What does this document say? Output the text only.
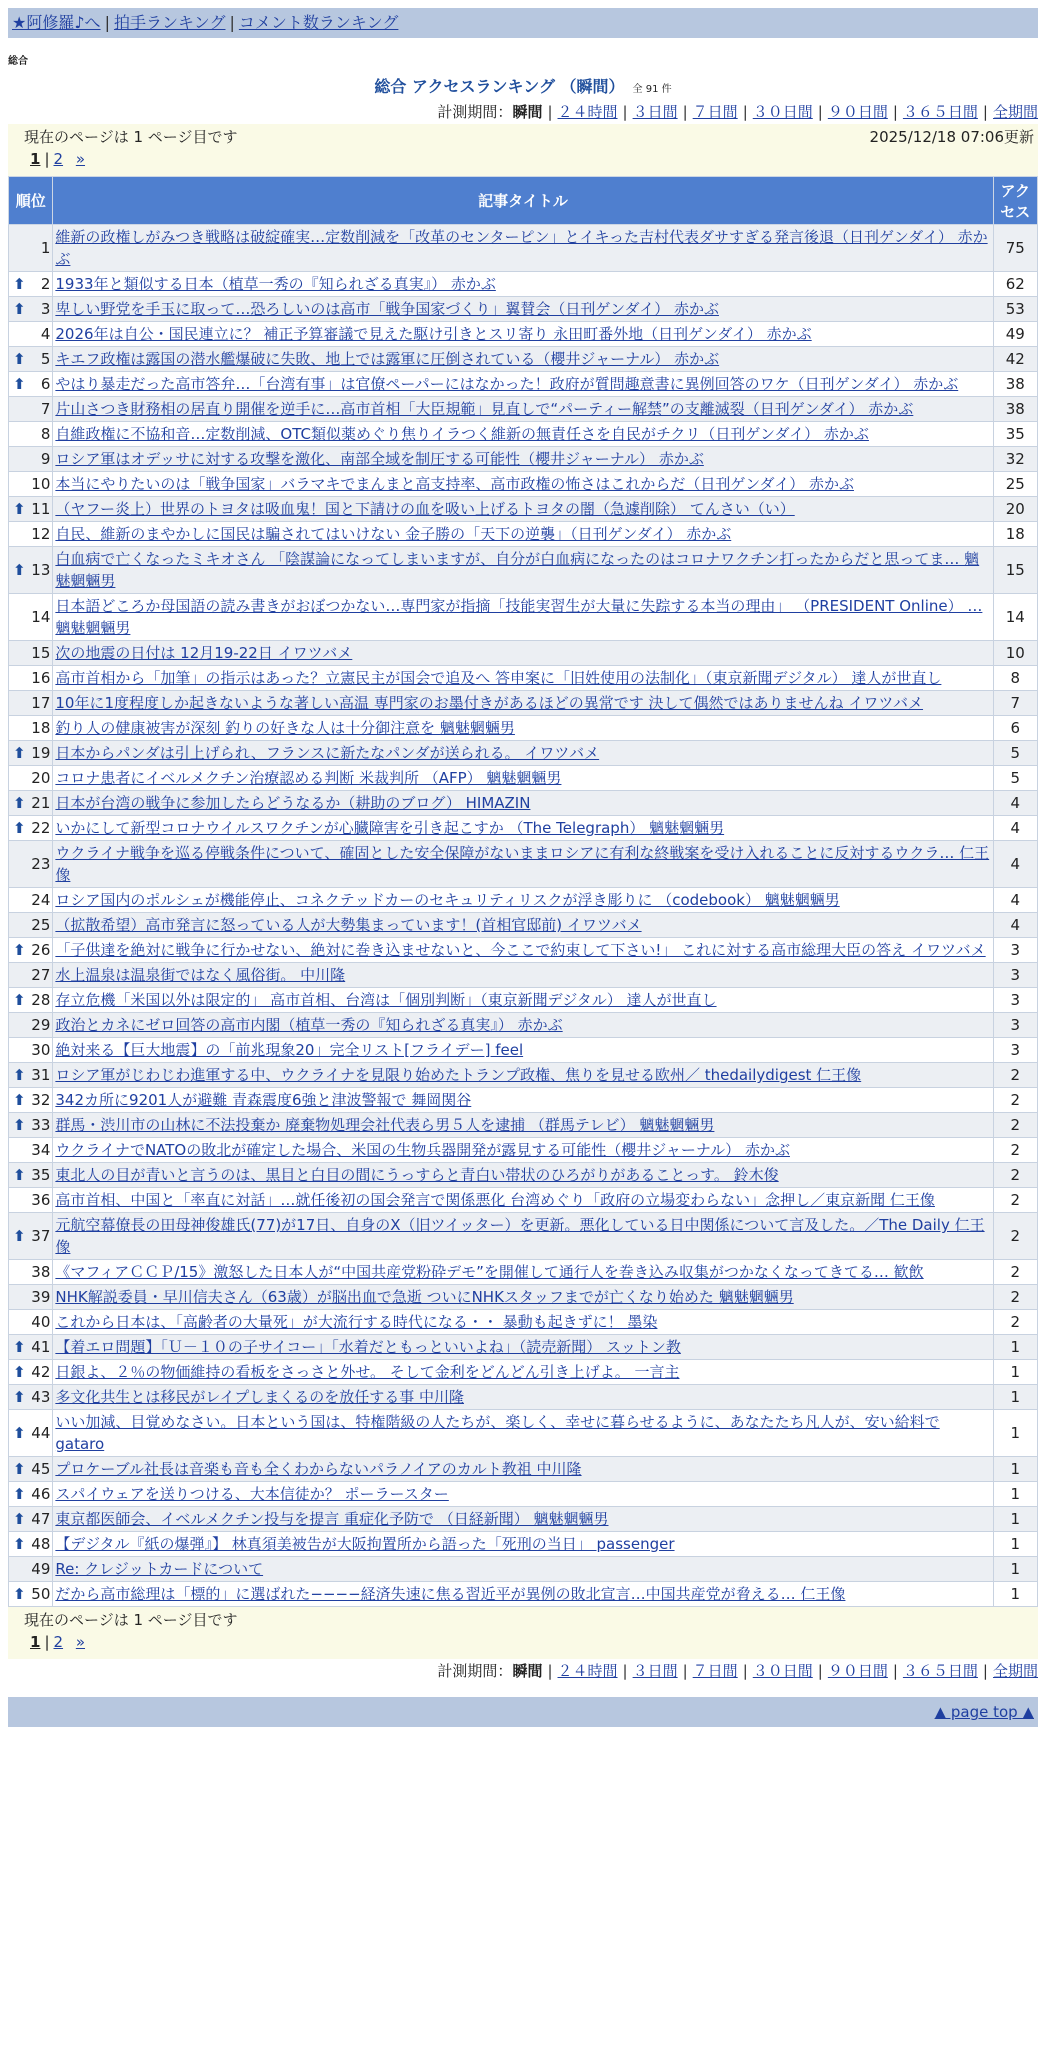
★阿修羅♪へ | 拍手ランキング | コメント数ランキング
総合
総合 アクセスランキング （瞬間） 全 91 件
計測期間：瞬間 | ２４時間 | ３日間 | ７日間 | ３０日間 | ９０日間 | ３６５日間 | 全期間
現在のページは 1 ページ目です	2025/12/18 07:06更新
1 | 2 »
順位	記事タイトル	アクセス
1	維新の政権しがみつき戦略は破綻確実…定数削減を「改革のセンターピン」とイキった吉村代表ダサすぎる発言後退（日刊ゲンダイ） 赤かぶ	75

⬆ 2	1933年と類似する日本（植草一秀の『知られざる真実』） 赤かぶ	62

⬆ 3	卑しい野党を手玉に取って…恐ろしいのは高市「戦争国家づくり」翼賛会（日刊ゲンダイ） 赤かぶ	53
4	2026年は自公・国民連立に？ 補正予算審議で見えた駆け引きとスリ寄り 永田町番外地（日刊ゲンダイ） 赤かぶ	49

⬆ 5	キエフ政権は露国の潜水艦爆破に失敗、地上では露軍に圧倒されている（櫻井ジャーナル） 赤かぶ	42

⬆ 6	やはり暴走だった高市答弁…「台湾有事」は官僚ペーパーにはなかった！政府が質問趣意書に異例回答のワケ（日刊ゲンダイ） 赤かぶ	38
7	片山さつき財務相の居直り開催を逆手に…高市首相「大臣規範」見直しで“パーティー解禁”の支離滅裂（日刊ゲンダイ） 赤かぶ	38
8	自維政権に不協和音…定数削減、OTC類似薬めぐり焦りイラつく維新の無責任さを自民がチクリ（日刊ゲンダイ） 赤かぶ	35
9	ロシア軍はオデッサに対する攻撃を激化、南部全域を制圧する可能性（櫻井ジャーナル） 赤かぶ	32
10	本当にやりたいのは「戦争国家」バラマキでまんまと高支持率、高市政権の怖さはこれからだ（日刊ゲンダイ） 赤かぶ	25

⬆ 11	（ヤフー炎上）世界のトヨタは吸血鬼！国と下請けの血を吸い上げるトヨタの闇（急遽削除） てんさい（い）	20
12	自民、維新のまやかしに国民は騙されてはいけない 金子勝の「天下の逆襲」（日刊ゲンダイ） 赤かぶ	18

⬆ 13	白血病で亡くなったミキオさん 「陰謀論になってしまいますが、自分が白血病になったのはコロナワクチン打ったからだと思ってま… 魑魅魍魎男	15
14	日本語どころか母国語の読み書きがおぼつかない…専門家が指摘「技能実習生が大量に失踪する本当の理由」 （PRESIDENT Online） … 魑魅魍魎男	14
15	次の地震の日付は 12月19-22日 イワツバメ	10
16	高市首相から「加筆」の指示はあった？立憲民主が国会で追及へ 答申案に「旧姓使用の法制化」（東京新聞デジタル） 達人が世直し	8
17	10年に1度程度しか起きないような著しい高温 専門家のお墨付きがあるほどの異常です 決して偶然ではありませんね イワツバメ	7
18	釣り人の健康被害が深刻 釣りの好きな人は十分御注意を 魑魅魍魎男	6

⬆ 19	日本からパンダは引上げられ、フランスに新たなパンダが送られる。 イワツバメ	5
20	コロナ患者にイベルメクチン治療認める判断 米裁判所 （AFP） 魑魅魍魎男	5

⬆ 21	日本が台湾の戦争に参加したらどうなるか（耕助のブログ） HIMAZIN	4

⬆ 22	いかにして新型コロナウイルスワクチンが心臓障害を引き起こすか （The Telegraph） 魑魅魍魎男	4
23	ウクライナ戦争を巡る停戦条件について、確固とした安全保障がないままロシアに有利な終戦案を受け入れることに反対するウクラ… 仁王像	4
24	ロシア国内のポルシェが機能停止、コネクテッドカーのセキュリティリスクが浮き彫りに （codebook） 魑魅魍魎男	4
25	（拡散希望）高市発言に怒っている人が大勢集まっています！(首相官邸前) イワツバメ	4

⬆ 26	「子供達を絶対に戦争に行かせない、絶対に巻き込ませないと、今ここで約束して下さい!」 これに対する高市総理大臣の答え イワツバメ	3
27	水上温泉は温泉街ではなく風俗街。 中川隆	3

⬆ 28	存立危機「米国以外は限定的」 高市首相、台湾は「個別判断」（東京新聞デジタル） 達人が世直し	3
29	政治とカネにゼロ回答の高市内閣（植草一秀の『知られざる真実』） 赤かぶ	3
30	絶対来る【巨大地震】の「前兆現象20」完全リスト[フライデー] feel	3

⬆ 31	ロシア軍がじわじわ進軍する中、ウクライナを見限り始めたトランプ政権、焦りを見せる欧州／ thedailydigest 仁王像	2

⬆ 32	342カ所に9201人が避難 青森震度6強と津波警報で 舞岡関谷	2

⬆ 33	群馬・渋川市の山林に不法投棄か 廃棄物処理会社代表ら男５人を逮捕 （群馬テレビ） 魑魅魍魎男	2
34	ウクライナでNATOの敗北が確定した場合、米国の生物兵器開発が露見する可能性（櫻井ジャーナル） 赤かぶ	2

⬆ 35	東北人の目が青いと言うのは、黒目と白目の間にうっすらと青白い帯状のひろがりがあることっす。 鈴木俊	2
36	高市首相、中国と「率直に対話」…就任後初の国会発言で関係悪化 台湾めぐり「政府の立場変わらない」念押し／東京新聞 仁王像	2

⬆ 37	元航空幕僚長の田母神俊雄氏(77)が17日、自身のX（旧ツイッター）を更新。悪化している日中関係について言及した。／The Daily 仁王像	2
38	《マフィアＣＣＰ/15》激怒した日本人が“中国共産党粉砕デモ”を開催して通行人を巻き込み収集がつかなくなってきてる… 歓飲	2
39	NHK解説委員・早川信夫さん（63歳）が脳出血で急逝 ついにNHKスタッフまでが亡くなり始めた 魑魅魍魎男	2
40	これから日本は、「高齢者の大量死」が大流行する時代になる・・ 暴動も起きずに！ 墨染	2

⬆ 41	【着エロ問題】「Ｕ－１０の子サイコー」「水着だともっといいよね」（読売新聞） スットン教	1

⬆ 42	日銀よ、２％の物価維持の看板をさっさと外せ。 そして金利をどんどん引き上げよ。 一言主	1

⬆ 43	多文化共生とは移民がレイプしまくるのを放任する事 中川隆	1

⬆ 44	いい加減、目覚めなさい。日本という国は、特権階級の人たちが、楽しく、幸せに暮らせるように、あなたたち凡人が、安い給料で gataro	1

⬆ 45	プロケーブル社長は音楽も音も全くわからないパラノイアのカルト教祖 中川隆	1

⬆ 46	スパイウェアを送りつける、大本信徒か？ ポーラースター	1

⬆ 47	東京都医師会、イベルメクチン投与を提言 重症化予防で （日経新聞） 魑魅魍魎男	1

⬆ 48	【デジタル『紙の爆弾』】 林真須美被告が大阪拘置所から語った「死刑の当日」 passenger	1
49	Re: クレジットカードについて	1

⬆ 50	だから高市総理は「標的」に選ばれた−−−−経済失速に焦る習近平が異例の敗北宣言…中国共産党が脅える… 仁王像	1
現在のページは 1 ページ目です
1 | 2 »
計測期間：瞬間 | ２４時間 | ３日間 | ７日間 | ３０日間 | ９０日間 | ３６５日間 | 全期間
▲ page top ▲
